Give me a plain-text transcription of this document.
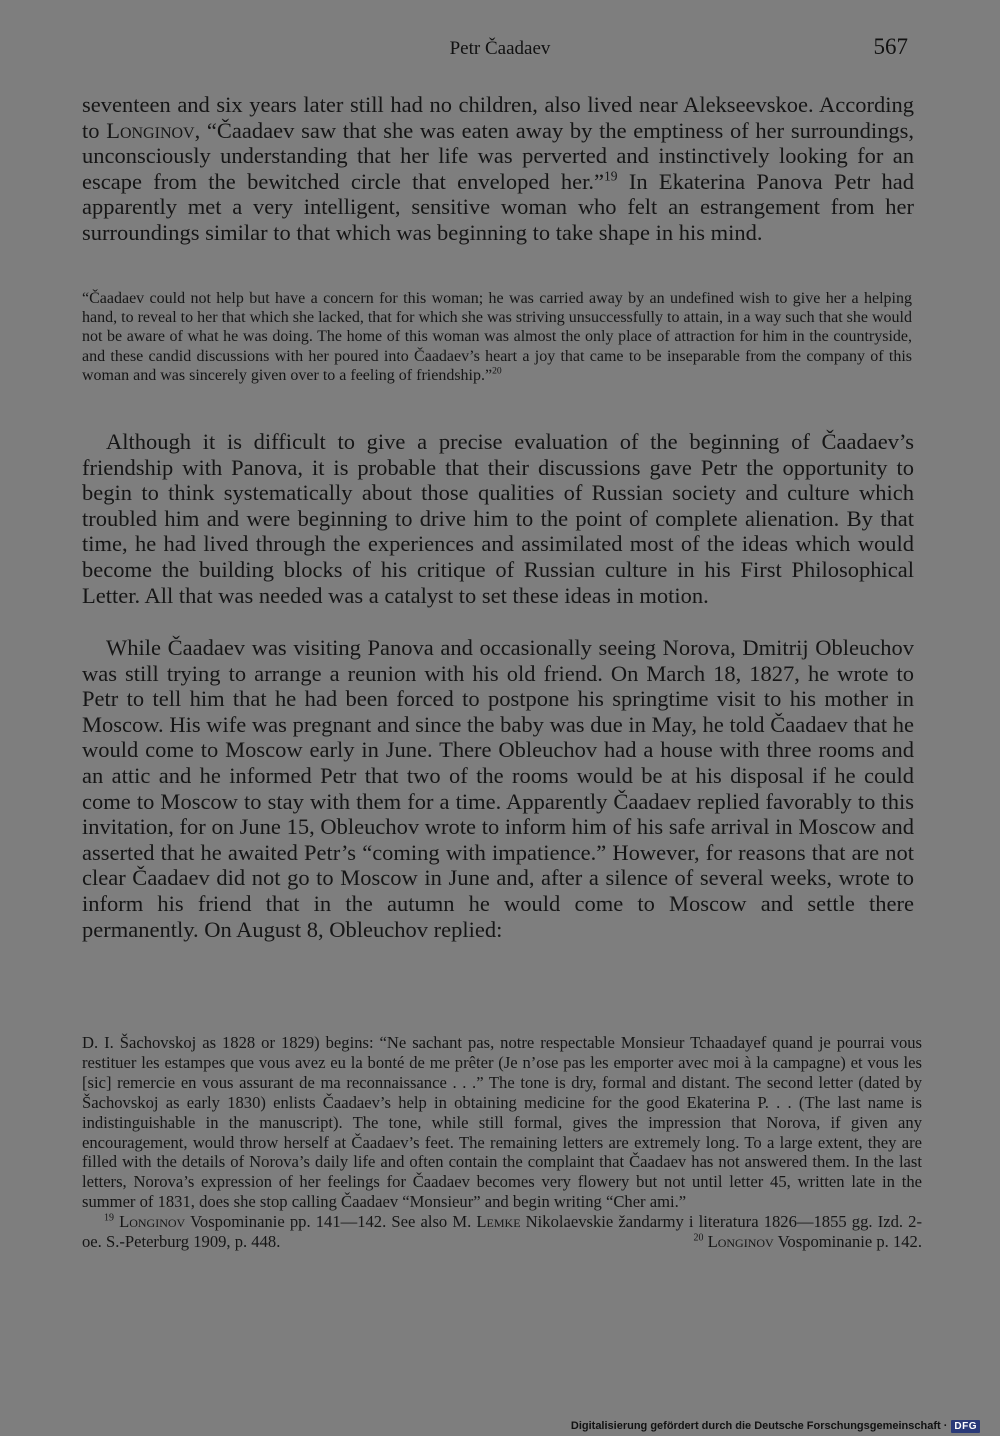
Petr Čaadaev	567

seventeen and six years later still had no children, also lived near Alekseevskoe. According to Longinov, “Čaadaev saw that she was eaten away by the emptiness of her surroundings, unconsciously understanding that her life was perverted and instinctively looking for an escape from the bewitched circle that enveloped her.”$^{19}$ In Ekaterina Panova Petr had apparently met a very intelligent, sensitive woman who felt an estrangement from her surroundings similar to that which was beginning to take shape in his mind.

“Čaadaev could not help but have a concern for this woman; he was carried away by an undefined wish to give her a helping hand, to reveal to her that which she lacked, that for which she was striving unsuccessfully to attain, in a way such that she would not be aware of what he was doing. The home of this woman was almost the only place of attraction for him in the countryside, and these candid discussions with her poured into Čaadaev’s heart a joy that came to be inseparable from the company of this woman and was sincerely given over to a feeling of friendship.”$^{20}$

Although it is difficult to give a precise evaluation of the beginning of Čaadaev’s friendship with Panova, it is probable that their discussions gave Petr the opportunity to begin to think systematically about those qualities of Russian society and culture which troubled him and were beginning to drive him to the point of complete alienation. By that time, he had lived through the experiences and assimilated most of the ideas which would become the building blocks of his critique of Russian culture in his First Philosophical Letter. All that was needed was a catalyst to set these ideas in motion.

While Čaadaev was visiting Panova and occasionally seeing Norova, Dmitrij Obleuchov was still trying to arrange a reunion with his old friend. On March 18, 1827, he wrote to Petr to tell him that he had been forced to postpone his springtime visit to his mother in Moscow. His wife was pregnant and since the baby was due in May, he told Čaadaev that he would come to Moscow early in June. There Obleuchov had a house with three rooms and an attic and he informed Petr that two of the rooms would be at his disposal if he could come to Moscow to stay with them for a time. Apparently Čaadaev replied favorably to this invitation, for on June 15, Obleuchov wrote to inform him of his safe arrival in Moscow and asserted that he awaited Petr’s “coming with impatience.” However, for reasons that are not clear Čaadaev did not go to Moscow in June and, after a silence of several weeks, wrote to inform his friend that in the autumn he would come to Moscow and settle there permanently. On August 8, Obleuchov replied:

D. I. Šachovskoj as 1828 or 1829) begins: “Ne sachant pas, notre respectable Monsieur Tchaadayef quand je pourrai vous restituer les estampes que vous avez eu la bonté de me prêter (Je n’ose pas les emporter avec moi à la campagne) et vous les [sic] remercie en vous assurant de ma reconnaissance . . .” The tone is dry, formal and distant. The second letter (dated by Šachovskoj as early 1830) enlists Čaadaev’s help in obtaining medicine for the good Ekaterina P. . . (The last name is indistinguishable in the manuscript). The tone, while still formal, gives the impression that Norova, if given any encouragement, would throw herself at Čaadaev’s feet. The remaining letters are extremely long. To a large extent, they are filled with the details of Norova’s daily life and often contain the complaint that Čaadaev has not answered them. In the last letters, Norova’s expression of her feelings for Čaadaev becomes very flowery but not until letter 45, written late in the summer of 1831, does she stop calling Čaadaev “Monsieur” and begin writing “Cher ami.”

$^{19}$ Longinov Vospominanie pp. 141—142. See also M. Lemke Nikolaevskie žandarmy i literatura 1826—1855 gg. Izd. 2-oe. S.-Peterburg 1909, p. 448.	$^{20}$ Longinov Vospominanie p. 142.

Digitalisierung gefördert durch die Deutsche Forschungsgemeinschaft · DFG
